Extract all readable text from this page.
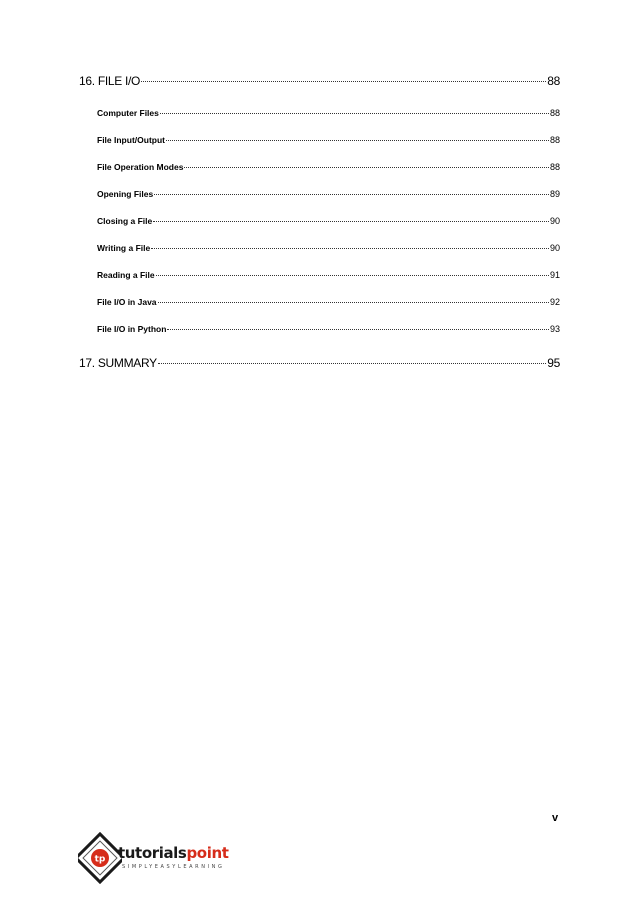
16. FILE I/O	88
Computer Files	88
File Input/Output	88
File Operation Modes	88
Opening Files	89
Closing a File	90
Writing a File	90
Reading a File	91
File I/O in Java	92
File I/O in Python	93
17. SUMMARY	95
v
tp tutorialspoint
SIMPLYEASYLEARNING
